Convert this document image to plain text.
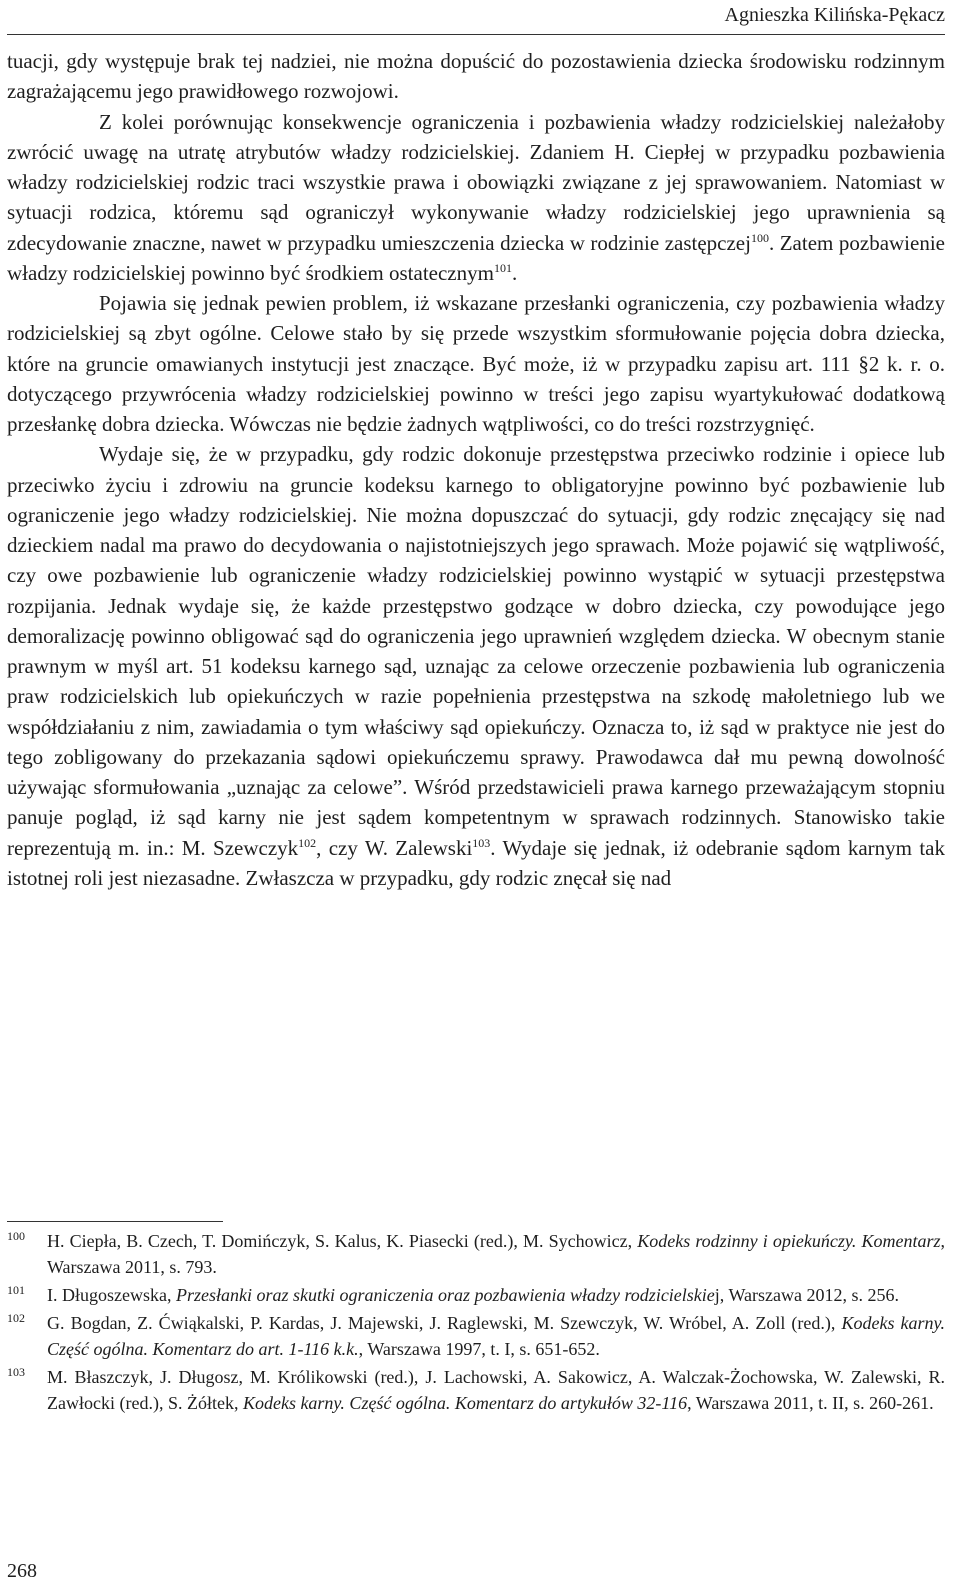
Agnieszka Kilińska-Pękacz

tuacji, gdy występuje brak tej nadziei, nie można dopuścić do pozostawienia dziecka środowisku rodzinnym zagrażającemu jego prawidłowego rozwojowi.

Z kolei porównując konsekwencje ograniczenia i pozbawienia władzy rodzicielskiej należałoby zwrócić uwagę na utratę atrybutów władzy rodzicielskiej. Zdaniem H. Ciepłej w przypadku pozbawienia władzy rodzicielskiej rodzic traci wszystkie prawa i obowiązki związane z jej sprawowaniem. Natomiast w sytuacji rodzica, któremu sąd ograniczył wykonywanie władzy rodzicielskiej jego uprawnienia są zdecydowanie znaczne, nawet w przypadku umieszczenia dziecka w rodzinie zastępczej$^{100}$. Zatem pozbawienie władzy rodzicielskiej powinno być środkiem ostatecznym$^{101}$.

Pojawia się jednak pewien problem, iż wskazane przesłanki ograniczenia, czy pozbawienia władzy rodzicielskiej są zbyt ogólne. Celowe stało by się przede wszystkim sformułowanie pojęcia dobra dziecka, które na gruncie omawianych instytucji jest znaczące. Być może, iż w przypadku zapisu art. 111 §2 k. r. o. dotyczącego przywrócenia władzy rodzicielskiej powinno w treści jego zapisu wyartykułować dodatkową przesłankę dobra dziecka. Wówczas nie będzie żadnych wątpliwości, co do treści rozstrzygnięć.

Wydaje się, że w przypadku, gdy rodzic dokonuje przestępstwa przeciwko rodzinie i opiece lub przeciwko życiu i zdrowiu na gruncie kodeksu karnego to obligatoryjne powinno być pozbawienie lub ograniczenie jego władzy rodzicielskiej. Nie można dopuszczać do sytuacji, gdy rodzic znęcający się nad dzieckiem nadal ma prawo do decydowania o najistotniejszych jego sprawach. Może pojawić się wątpliwość, czy owe pozbawienie lub ograniczenie władzy rodzicielskiej powinno wystąpić w sytuacji przestępstwa rozpijania. Jednak wydaje się, że każde przestępstwo godzące w dobro dziecka, czy powodujące jego demoralizację powinno obligować sąd do ograniczenia jego uprawnień względem dziecka. W obecnym stanie prawnym w myśl art. 51 kodeksu karnego sąd, uznając za celowe orzeczenie pozbawienia lub ograniczenia praw rodzicielskich lub opiekuńczych w razie popełnienia przestępstwa na szkodę małoletniego lub we współdziałaniu z nim, zawiadamia o tym właściwy sąd opiekuńczy. Oznacza to, iż sąd w praktyce nie jest do tego zobligowany do przekazania sądowi opiekuńczemu sprawy. Prawodawca dał mu pewną dowolność używając sformułowania „uznając za celowe”. Wśród przedstawicieli prawa karnego przeważającym stopniu panuje pogląd, iż sąd karny nie jest sądem kompetentnym w sprawach rodzinnych. Stanowisko takie reprezentują m. in.: M. Szewczyk$^{102}$, czy W. Zalewski$^{103}$. Wydaje się jednak, iż odebranie sądom karnym tak istotnej roli jest niezasadne. Zwłaszcza w przypadku, gdy rodzic znęcał się nad

100 H. Ciepła, B. Czech, T. Domińczyk, S. Kalus, K. Piasecki (red.), M. Sychowicz, Kodeks rodzinny i opiekuńczy. Komentarz, Warszawa 2011, s. 793.
101 I. Długoszewska, Przesłanki oraz skutki ograniczenia oraz pozbawienia władzy rodzicielskiej, Warszawa 2012, s. 256.
102 G. Bogdan, Z. Ćwiąkalski, P. Kardas, J. Majewski, J. Raglewski, M. Szewczyk, W. Wróbel, A. Zoll (red.), Kodeks karny. Część ogólna. Komentarz do art. 1-116 k.k., Warszawa 1997, t. I, s. 651-652.
103 M. Błaszczyk, J. Długosz, M. Królikowski (red.), J. Lachowski, A. Sakowicz, A. Walczak-Żochowska, W. Zalewski, R. Zawłocki (red.), S. Żółtek, Kodeks karny. Część ogólna. Komentarz do artykułów 32-116, Warszawa 2011, t. II, s. 260-261.
268
